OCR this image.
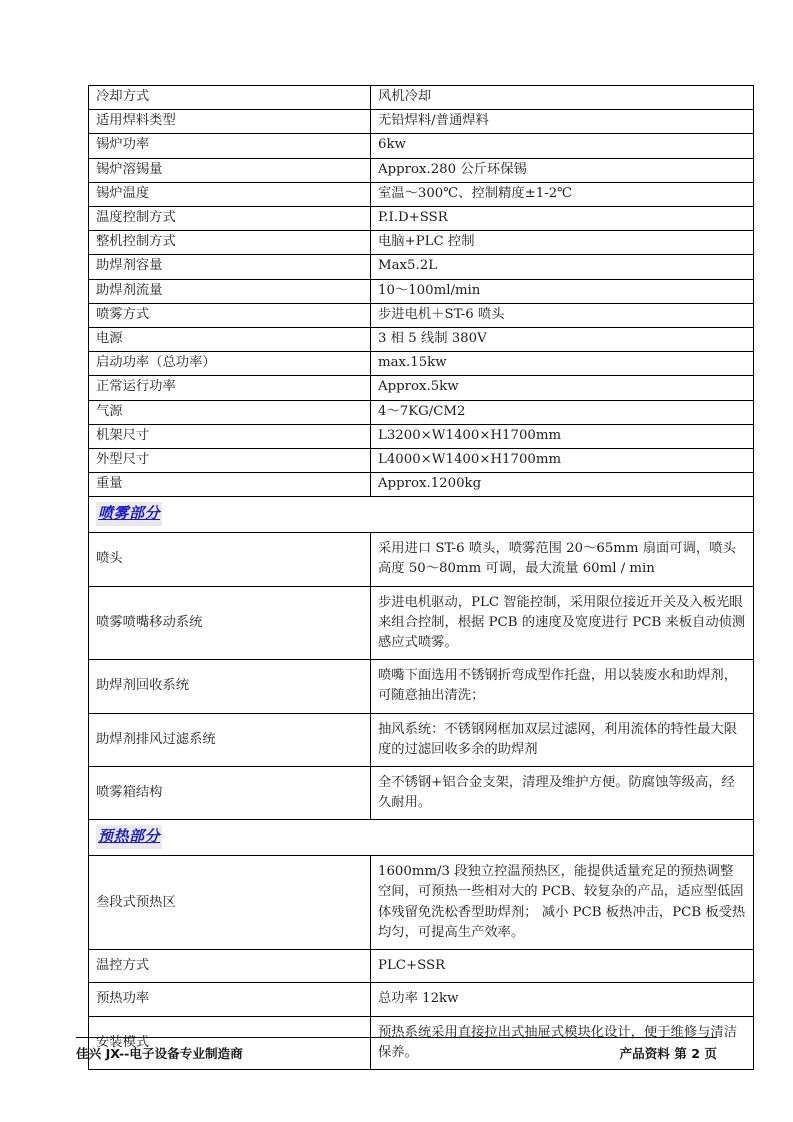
冷却方式	风机冷却
适用焊料类型	无铅焊料/普通焊料
锡炉功率	6kw
锡炉溶锡量	Approx.280 公斤环保锡
锡炉温度	室温～300℃、控制精度±1-2℃
温度控制方式	P.I.D+SSR
整机控制方式	电脑+PLC 控制
助焊剂容量	Max5.2L
助焊剂流量	10～100ml/min
喷雾方式	步进电机＋ST-6 喷头
电源	3 相 5 线制 380V
启动功率（总功率）	max.15kw
正常运行功率	Approx.5kw
气源	4～7KG/CM2
机架尺寸	L3200×W1400×H1700mm
外型尺寸	L4000×W1400×H1700mm
重量	Approx.1200kg
喷雾部分	
喷头	采用进口 ST-6 喷头，喷雾范围 20～65mm 扇面可调，喷头高度 50～80mm 可调，最大流量 60ml / min
喷雾喷嘴移动系统	步进电机驱动，PLC 智能控制，采用限位接近开关及入板光眼来组合控制，根据 PCB 的速度及宽度进行 PCB 来板自动侦测感应式喷雾。
助焊剂回收系统	喷嘴下面选用不锈钢折弯成型作托盘，用以装废水和助焊剂，可随意抽出清洗；
助焊剂排风过滤系统	抽风系统：不锈钢网框加双层过滤网，利用流体的特性最大限度的过滤回收多余的助焊剂
喷雾箱结构	全不锈钢+铝合金支架，清理及维护方便。防腐蚀等级高，经久耐用。
预热部分	
叁段式预热区	1600mm/3 段独立控温预热区，能提供适量充足的预热调整空间，可预热一些相对大的 PCB、较复杂的产品，适应型低固体残留免洗松香型助焊剂； 减小 PCB 板热冲击，PCB 板受热均匀，可提高生产效率。
温控方式	PLC+SSR
预热功率	总功率 12kw
安装模式	预热系统采用直接拉出式抽屉式模块化设计，便于维修与清洁保养。
佳兴 JX--电子设备专业制造商	产品资料 第 2 页
